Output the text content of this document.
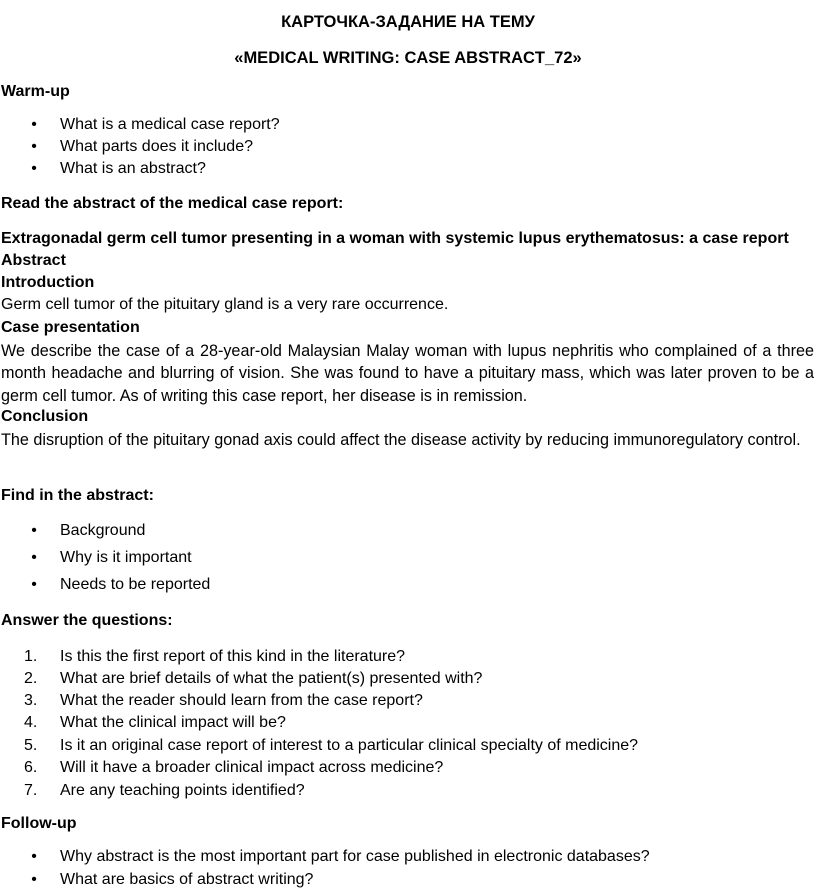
КАРТОЧКА-ЗАДАНИЕ НА ТЕМУ
«MEDICAL WRITING: CASE ABSTRACT_72»
Warm-up
• What is a medical case report?
• What parts does it include?
• What is an abstract?
Read the abstract of the medical case report:
Extragonadal germ cell tumor presenting in a woman with systemic lupus erythematosus: a case report
Abstract
Introduction
Germ cell tumor of the pituitary gland is a very rare occurrence.
Case presentation
We describe the case of a 28-year-old Malaysian Malay woman with lupus nephritis who complained of a three month headache and blurring of vision. She was found to have a pituitary mass, which was later proven to be a germ cell tumor. As of writing this case report, her disease is in remission.
Conclusion
The disruption of the pituitary gonad axis could affect the disease activity by reducing immunoregulatory control.
Find in the abstract:
• Background
• Why is it important
• Needs to be reported
Answer the questions:
1.	Is this the first report of this kind in the literature?
2.	What are brief details of what the patient(s) presented with?
3.	What the reader should learn from the case report?
4.	What the clinical impact will be?
5.	Is it an original case report of interest to a particular clinical specialty of medicine?
6.	Will it have a broader clinical impact across medicine?
7.	Are any teaching points identified?
Follow-up
• Why abstract is the most important part for case published in electronic databases?
• What are basics of abstract writing?
